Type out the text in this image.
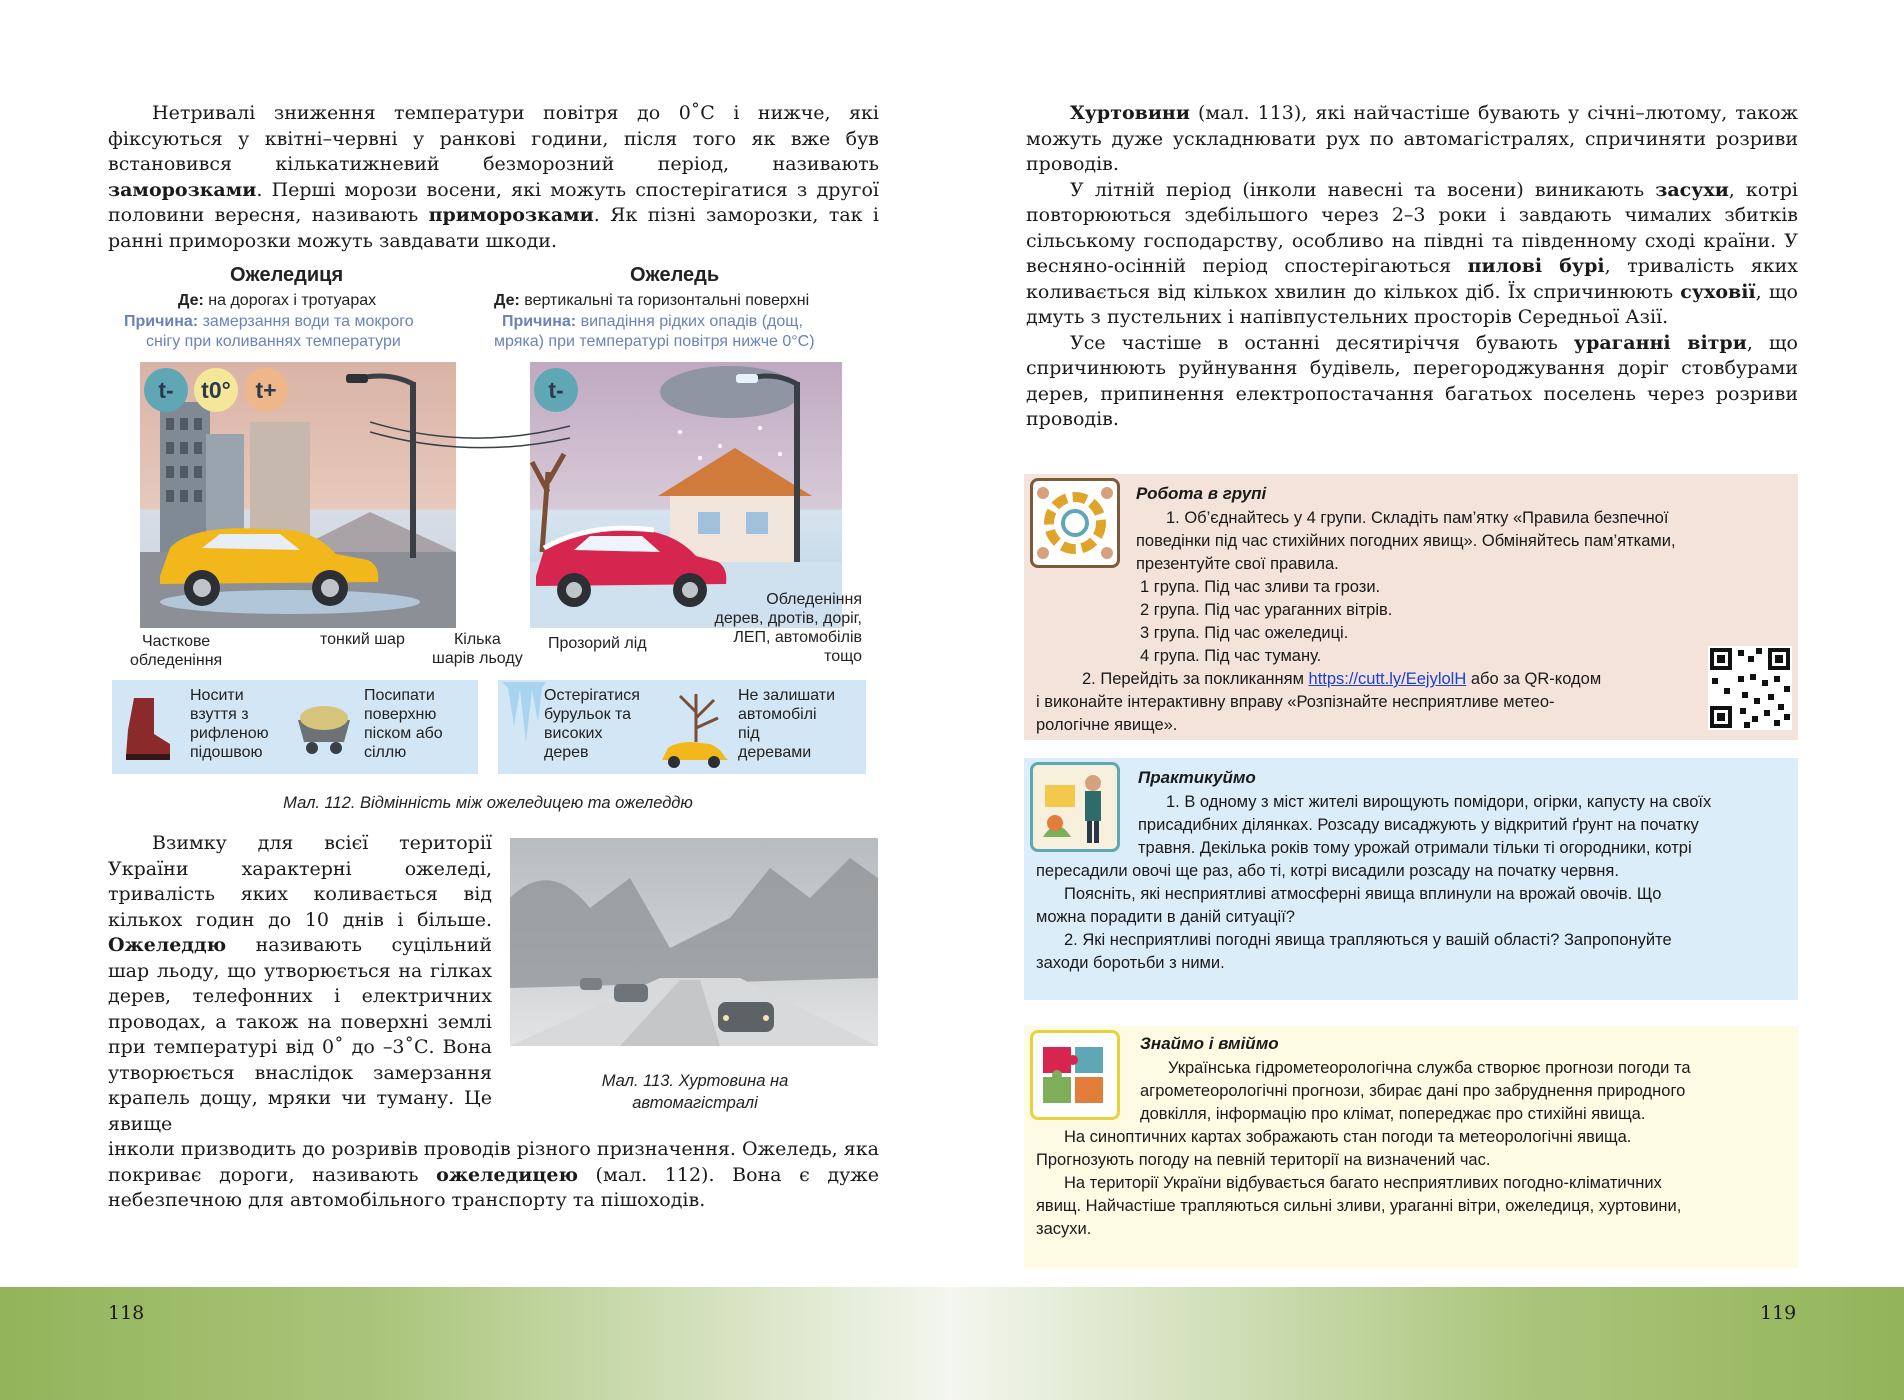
Нетривалі зниження температури повітря до 0˚С і нижче, які фіксуються у квітні–червні у ранкові години, після того як вже був встановився кількатижневий безморозний період, називають заморозками. Перші морози восени, які можуть спостерігатися з другої половини вересня, називають приморозками. Як пізні заморозки, так і ранні приморозки можуть завдавати шкоди.

Ожеледиця	Ожеледь
Де: на дорогах і тротуарах
Причина: замерзання води та мокрого
снігу при коливаннях температури
Де: вертикальні та горизонтальні поверхні
Причина: випадіння рідких опадів (дощ,
мряка) при температурі повітря нижче 0°C)
t-	t0°	t+	t-
Часткове
обледеніння
тонкий шар	Кілька
шарів льоду
Прозорий лід
Обледеніння
дерев, дротів, доріг,
ЛЕП, автомобілів
тощо
Носити
взуття з
рифленою
підошвою
Посипати
поверхню
піском або
сіллю
Остерігатися
бурульок та
високих
дерев
Не залишати
автомобілі
під
деревами
Мал. 112. Відмінність між ожеледицею та ожеледдю

Взимку для всієї території України характерні ожеледі, тривалість яких коливається від кількох годин до 10 днів і більше. Ожеледдю називають суцільний шар льоду, що утворюється на гілках дерев, телефонних і електричних проводах, а також на поверхні землі при температурі від 0˚ до –3˚С. Вона утворюється внаслідок замерзання крапель дощу, мряки чи туману. Це явище

Мал. 113. Хуртовина на
автомагістралі

інколи призводить до розривів проводів різного призначення. Ожеледь, яка покриває дороги, називають ожеледицею (мал. 112). Вона є дуже небезпечною для автомобільного транспорту та пішоходів.

118

Хуртовини (мал. 113), які найчастіше бувають у січні–лютому, також можуть дуже ускладнювати рух по автомагістралях, спричиняти розриви проводів.

У літній період (інколи навесні та восени) виникають засухи, котрі повторюються здебільшого через 2–3 роки і завдають чималих збитків сільському господарству, особливо на півдні та південному сході країни. У весняно-осінній період спостерігаються пилові бурі, тривалість яких коливається від кількох хвилин до кількох діб. Їх спричинюють суховії, що дмуть з пустельних і напівпустельних просторів Середньої Азії.

Усе частіше в останні десятиріччя бувають ураганні вітри, що спричинюють руйнування будівель, перегороджування доріг стовбурами дерев, припинення електропостачання багатьох поселень через розриви проводів.

119
Робота в групі
1. Об’єднайтесь у 4 групи. Складіть пам’ятку «Правила безпечної
поведінки під час стихійних погодних явищ». Обміняйтесь пам’ятками,
презентуйте свої правила.
1 група. Під час зливи та грози.
2 група. Під час ураганних вітрів.
3 група. Під час ожеледиці.
4 група. Під час туману.
2. Перейдіть за покликанням https://cutt.ly/EejylolH або за QR-кодом
і виконайте інтерактивну вправу «Розпізнайте несприятливе метео-
рологічне явище».
Практикуймо
1. В одному з міст жителі вирощують помідори, огірки, капусту на своїх
присадибних ділянках. Розсаду висаджують у відкритий ґрунт на початку
травня. Декілька років тому урожай отримали тільки ті огородники, котрі
пересадили овочі ще раз, або ті, котрі висадили розсаду на початку червня.
Поясніть, які несприятливі атмосферні явища вплинули на врожай овочів. Що
можна порадити в даній ситуації?
2. Які несприятливі погодні явища трапляються у вашій області? Запропонуйте
заходи боротьби з ними.
Знаймо і вміймо
Українська гідрометеорологічна служба створює прогнози погоди та
агрометеорологічні прогнози, збирає дані про забруднення природного
довкілля, інформацію про клімат, попереджає про стихійні явища.
На синоптичних картах зображають стан погоди та метеорологічні явища.
Прогнозують погоду на певній території на визначений час.
На території України відбувається багато несприятливих погодно-кліматичних
явищ. Найчастіше трапляються сильні зливи, ураганні вітри, ожеледиця, хуртовини,
засухи.
